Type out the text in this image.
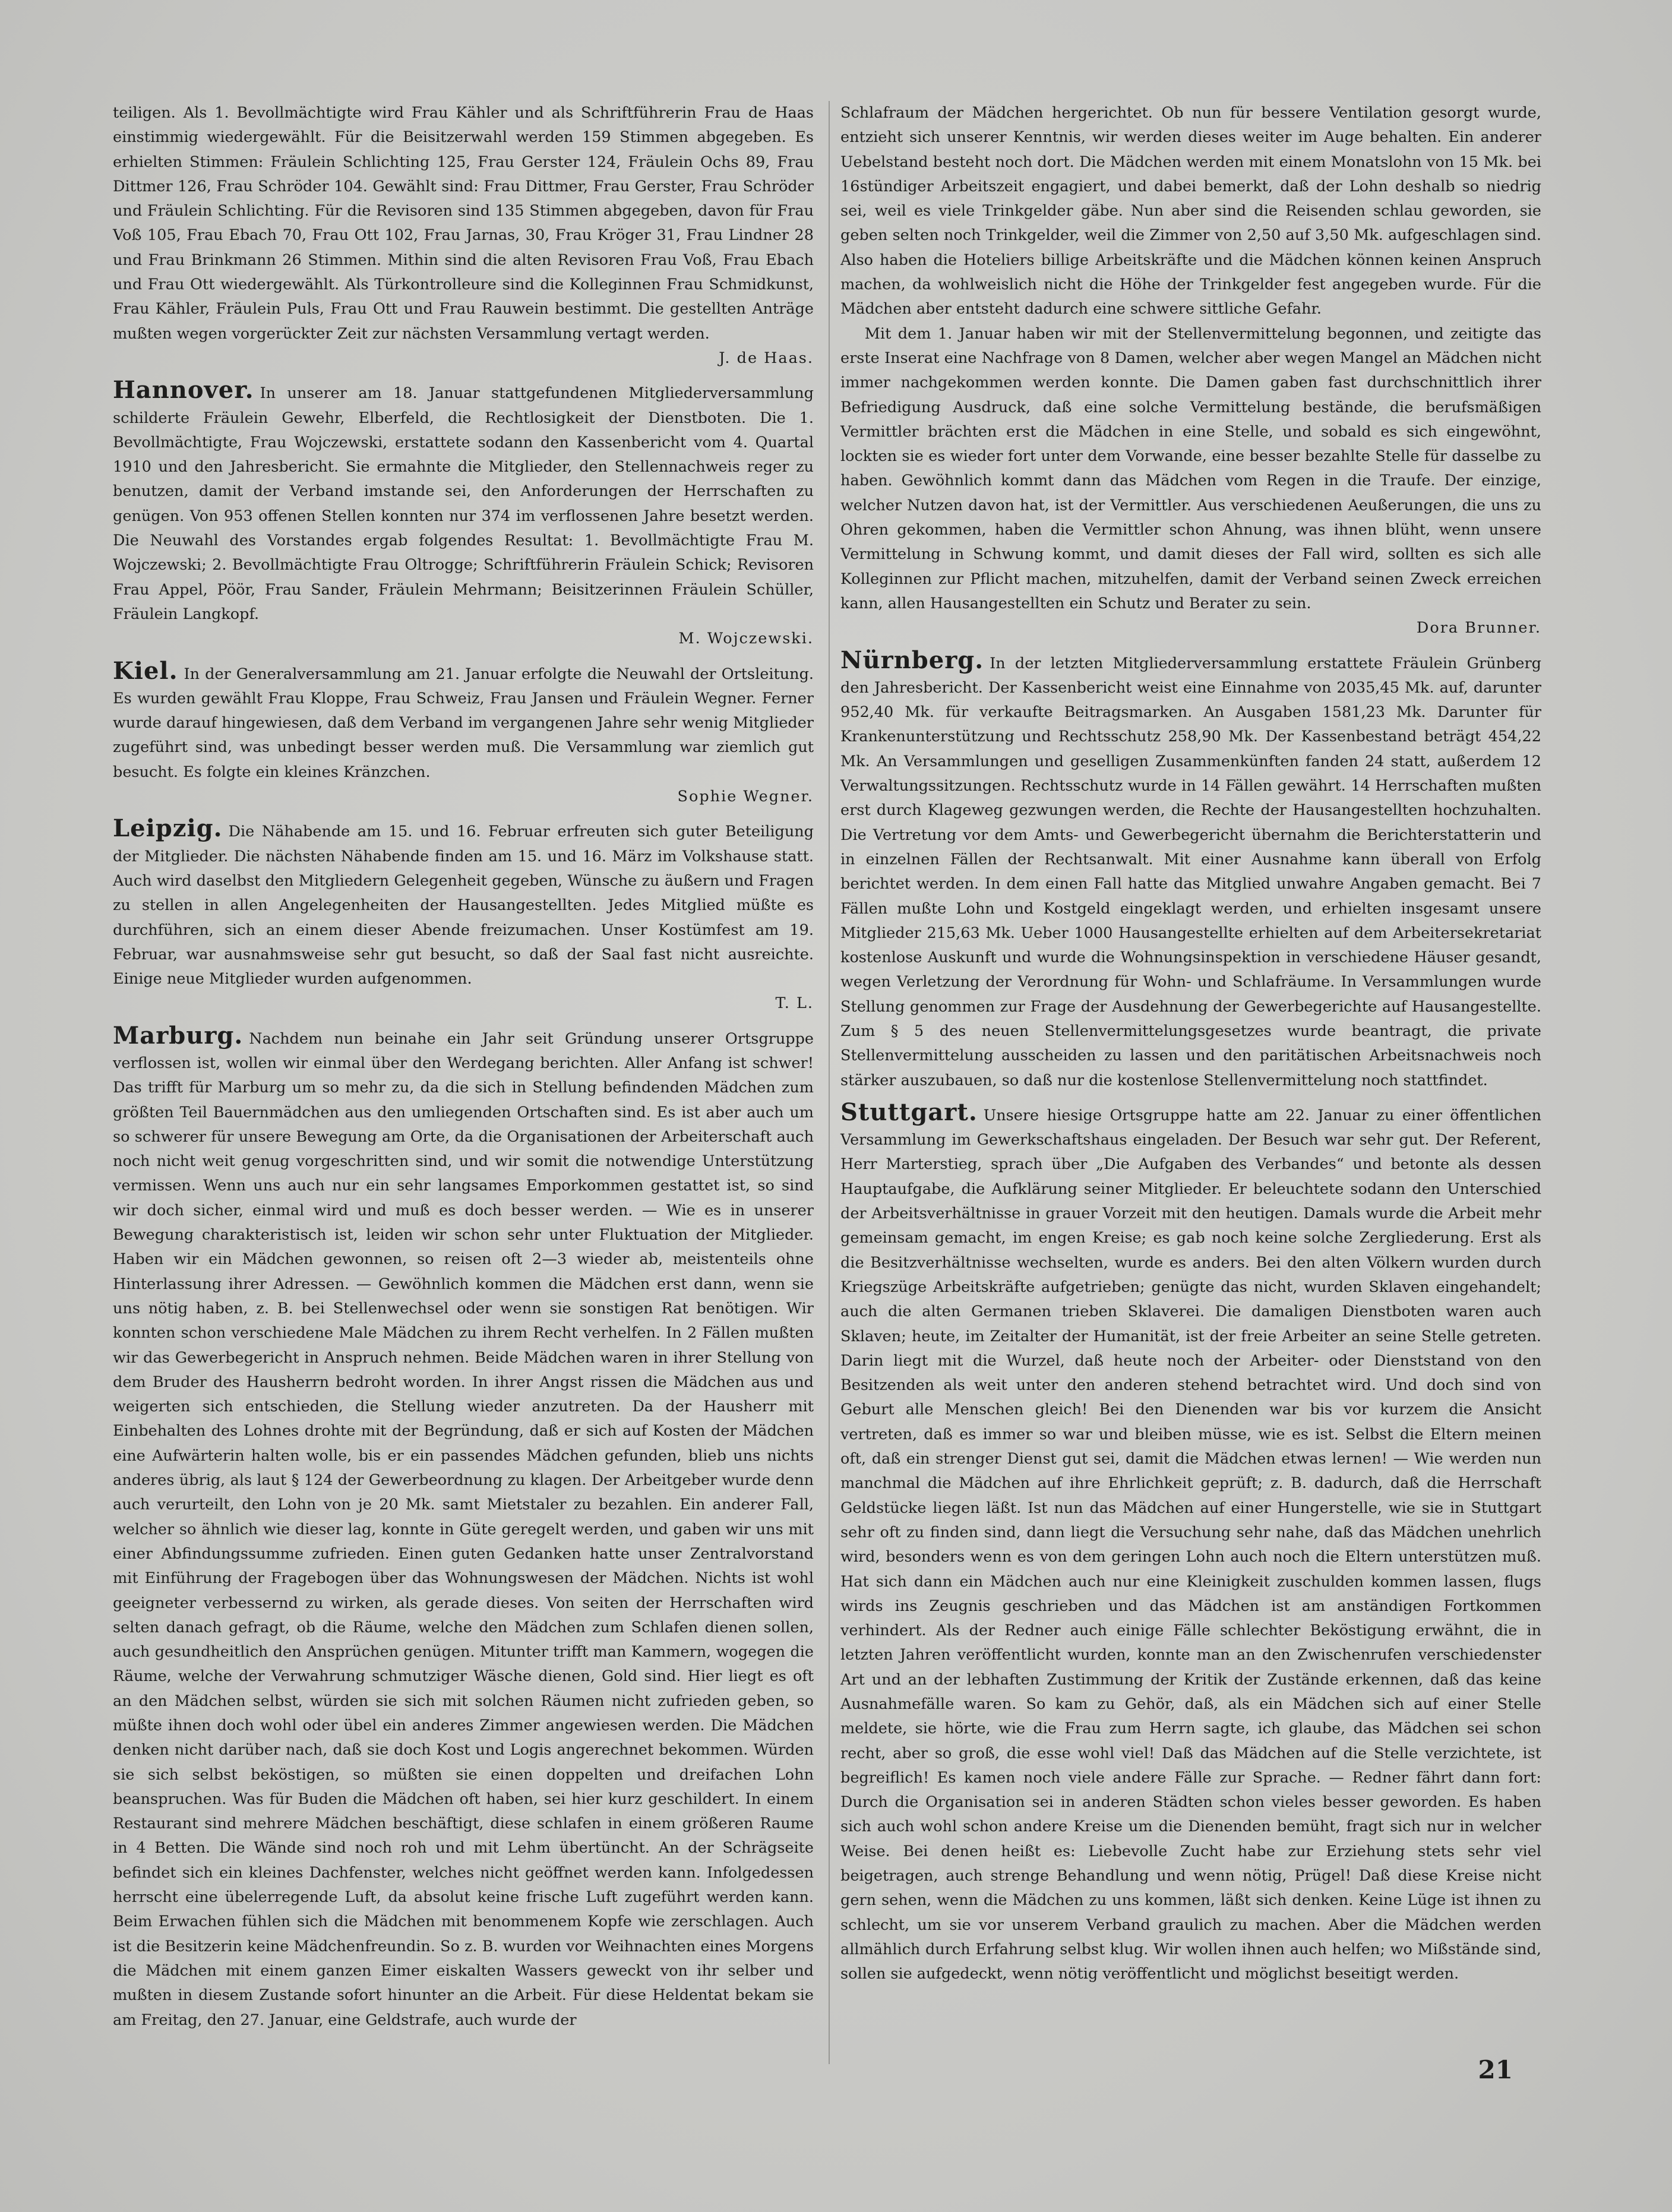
teiligen. Als 1. Bevollmächtigte wird Frau Kähler und als Schriftführerin Frau de Haas einstimmig wiedergewählt. Für die Beisitzerwahl werden 159 Stimmen abgegeben. Es erhielten Stimmen: Fräulein Schlichting 125, Frau Gerster 124, Fräulein Ochs 89, Frau Dittmer 126, Frau Schröder 104. Gewählt sind: Frau Dittmer, Frau Gerster, Frau Schröder und Fräulein Schlichting. Für die Revisoren sind 135 Stimmen abgegeben, davon für Frau Voß 105, Frau Ebach 70, Frau Ott 102, Frau Jarnas, 30, Frau Kröger 31, Frau Lindner 28 und Frau Brinkmann 26 Stimmen. Mithin sind die alten Revisoren Frau Voß, Frau Ebach und Frau Ott wiedergewählt. Als Türkontrolleure sind die Kolleginnen Frau Schmidkunst, Frau Kähler, Fräulein Puls, Frau Ott und Frau Rauwein bestimmt. Die gestellten Anträge mußten wegen vorgerückter Zeit zur nächsten Versammlung vertagt werden.

J. de Haas.

Hannover. In unserer am 18. Januar stattgefundenen Mitgliederversammlung schilderte Fräulein Gewehr, Elberfeld, die Rechtlosigkeit der Dienstboten. Die 1. Bevollmächtigte, Frau Wojczewski, erstattete sodann den Kassenbericht vom 4. Quartal 1910 und den Jahresbericht. Sie ermahnte die Mitglieder, den Stellennachweis reger zu benutzen, damit der Verband imstande sei, den Anforderungen der Herrschaften zu genügen. Von 953 offenen Stellen konnten nur 374 im verflossenen Jahre besetzt werden. Die Neuwahl des Vorstandes ergab folgendes Resultat: 1. Bevollmächtigte Frau M. Wojczewski; 2. Bevollmächtigte Frau Oltrogge; Schriftführerin Fräulein Schick; Revisoren Frau Appel, Pöör, Frau Sander, Fräulein Mehrmann; Beisitzerinnen Fräulein Schüller, Fräulein Langkopf.

M. Wojczewski.

Kiel. In der Generalversammlung am 21. Januar erfolgte die Neuwahl der Ortsleitung. Es wurden gewählt Frau Kloppe, Frau Schweiz, Frau Jansen und Fräulein Wegner. Ferner wurde darauf hingewiesen, daß dem Verband im vergangenen Jahre sehr wenig Mitglieder zugeführt sind, was unbedingt besser werden muß. Die Versammlung war ziemlich gut besucht. Es folgte ein kleines Kränzchen.

Sophie Wegner.

Leipzig. Die Nähabende am 15. und 16. Februar erfreuten sich guter Beteiligung der Mitglieder. Die nächsten Nähabende finden am 15. und 16. März im Volkshause statt. Auch wird daselbst den Mitgliedern Gelegenheit gegeben, Wünsche zu äußern und Fragen zu stellen in allen Angelegenheiten der Hausangestellten. Jedes Mitglied müßte es durchführen, sich an einem dieser Abende freizumachen. Unser Kostümfest am 19. Februar, war ausnahmsweise sehr gut besucht, so daß der Saal fast nicht ausreichte. Einige neue Mitglieder wurden aufgenommen.

T. L.

Marburg. Nachdem nun beinahe ein Jahr seit Gründung unserer Ortsgruppe verflossen ist, wollen wir einmal über den Werdegang berichten. Aller Anfang ist schwer! Das trifft für Marburg um so mehr zu, da die sich in Stellung befindenden Mädchen zum größten Teil Bauernmädchen aus den umliegenden Ortschaften sind. Es ist aber auch um so schwerer für unsere Bewegung am Orte, da die Organisationen der Arbeiterschaft auch noch nicht weit genug vorgeschritten sind, und wir somit die notwendige Unterstützung vermissen. Wenn uns auch nur ein sehr langsames Emporkommen gestattet ist, so sind wir doch sicher, einmal wird und muß es doch besser werden. — Wie es in unserer Bewegung charakteristisch ist, leiden wir schon sehr unter Fluktuation der Mitglieder. Haben wir ein Mädchen gewonnen, so reisen oft 2—3 wieder ab, meistenteils ohne Hinterlassung ihrer Adressen. — Gewöhnlich kommen die Mädchen erst dann, wenn sie uns nötig haben, z. B. bei Stellenwechsel oder wenn sie sonstigen Rat benötigen. Wir konnten schon verschiedene Male Mädchen zu ihrem Recht verhelfen. In 2 Fällen mußten wir das Gewerbegericht in Anspruch nehmen. Beide Mädchen waren in ihrer Stellung von dem Bruder des Hausherrn bedroht worden. In ihrer Angst rissen die Mädchen aus und weigerten sich entschieden, die Stellung wieder anzutreten. Da der Hausherr mit Einbehalten des Lohnes drohte mit der Begründung, daß er sich auf Kosten der Mädchen eine Aufwärterin halten wolle, bis er ein passendes Mädchen gefunden, blieb uns nichts anderes übrig, als laut § 124 der Gewerbeordnung zu klagen. Der Arbeitgeber wurde denn auch verurteilt, den Lohn von je 20 Mk. samt Mietstaler zu bezahlen. Ein anderer Fall, welcher so ähnlich wie dieser lag, konnte in Güte geregelt werden, und gaben wir uns mit einer Abfindungssumme zufrieden. Einen guten Gedanken hatte unser Zentralvorstand mit Einführung der Fragebogen über das Wohnungswesen der Mädchen. Nichts ist wohl geeigneter verbessernd zu wirken, als gerade dieses. Von seiten der Herrschaften wird selten danach gefragt, ob die Räume, welche den Mädchen zum Schlafen dienen sollen, auch gesundheitlich den Ansprüchen genügen. Mitunter trifft man Kammern, wogegen die Räume, welche der Verwahrung schmutziger Wäsche dienen, Gold sind. Hier liegt es oft an den Mädchen selbst, würden sie sich mit solchen Räumen nicht zufrieden geben, so müßte ihnen doch wohl oder übel ein anderes Zimmer angewiesen werden. Die Mädchen denken nicht darüber nach, daß sie doch Kost und Logis angerechnet bekommen. Würden sie sich selbst beköstigen, so müßten sie einen doppelten und dreifachen Lohn beanspruchen. Was für Buden die Mädchen oft haben, sei hier kurz geschildert. In einem Restaurant sind mehrere Mädchen beschäftigt, diese schlafen in einem größeren Raume in 4 Betten. Die Wände sind noch roh und mit Lehm übertüncht. An der Schrägseite befindet sich ein kleines Dachfenster, welches nicht geöffnet werden kann. Infolgedessen herrscht eine übelerregende Luft, da absolut keine frische Luft zugeführt werden kann. Beim Erwachen fühlen sich die Mädchen mit benommenem Kopfe wie zerschlagen. Auch ist die Besitzerin keine Mädchenfreundin. So z. B. wurden vor Weihnachten eines Morgens die Mädchen mit einem ganzen Eimer eiskalten Wassers geweckt von ihr selber und mußten in diesem Zustande sofort hinunter an die Arbeit. Für diese Heldentat bekam sie am Freitag, den 27. Januar, eine Geldstrafe, auch wurde der

Schlafraum der Mädchen hergerichtet. Ob nun für bessere Ventilation gesorgt wurde, entzieht sich unserer Kenntnis, wir werden dieses weiter im Auge behalten. Ein anderer Uebelstand besteht noch dort. Die Mädchen werden mit einem Monatslohn von 15 Mk. bei 16stündiger Arbeitszeit engagiert, und dabei bemerkt, daß der Lohn deshalb so niedrig sei, weil es viele Trinkgelder gäbe. Nun aber sind die Reisenden schlau geworden, sie geben selten noch Trinkgelder, weil die Zimmer von 2,50 auf 3,50 Mk. aufgeschlagen sind. Also haben die Hoteliers billige Arbeitskräfte und die Mädchen können keinen Anspruch machen, da wohlweislich nicht die Höhe der Trinkgelder fest angegeben wurde. Für die Mädchen aber entsteht dadurch eine schwere sittliche Gefahr.

Mit dem 1. Januar haben wir mit der Stellenvermittelung begonnen, und zeitigte das erste Inserat eine Nachfrage von 8 Damen, welcher aber wegen Mangel an Mädchen nicht immer nachgekommen werden konnte. Die Damen gaben fast durchschnittlich ihrer Befriedigung Ausdruck, daß eine solche Vermittelung bestände, die berufsmäßigen Vermittler brächten erst die Mädchen in eine Stelle, und sobald es sich eingewöhnt, lockten sie es wieder fort unter dem Vorwande, eine besser bezahlte Stelle für dasselbe zu haben. Gewöhnlich kommt dann das Mädchen vom Regen in die Traufe. Der einzige, welcher Nutzen davon hat, ist der Vermittler. Aus verschiedenen Aeußerungen, die uns zu Ohren gekommen, haben die Vermittler schon Ahnung, was ihnen blüht, wenn unsere Vermittelung in Schwung kommt, und damit dieses der Fall wird, sollten es sich alle Kolleginnen zur Pflicht machen, mitzuhelfen, damit der Verband seinen Zweck erreichen kann, allen Hausangestellten ein Schutz und Berater zu sein.

Dora Brunner.

Nürnberg. In der letzten Mitgliederversammlung erstattete Fräulein Grünberg den Jahresbericht. Der Kassenbericht weist eine Einnahme von 2035,45 Mk. auf, darunter 952,40 Mk. für verkaufte Beitragsmarken. An Ausgaben 1581,23 Mk. Darunter für Krankenunterstützung und Rechtsschutz 258,90 Mk. Der Kassenbestand beträgt 454,22 Mk. An Versammlungen und geselligen Zusammenkünften fanden 24 statt, außerdem 12 Verwaltungssitzungen. Rechtsschutz wurde in 14 Fällen gewährt. 14 Herrschaften mußten erst durch Klageweg gezwungen werden, die Rechte der Hausangestellten hochzuhalten. Die Vertretung vor dem Amts- und Gewerbegericht übernahm die Berichterstatterin und in einzelnen Fällen der Rechtsanwalt. Mit einer Ausnahme kann überall von Erfolg berichtet werden. In dem einen Fall hatte das Mitglied unwahre Angaben gemacht. Bei 7 Fällen mußte Lohn und Kostgeld eingeklagt werden, und erhielten insgesamt unsere Mitglieder 215,63 Mk. Ueber 1000 Hausangestellte erhielten auf dem Arbeitersekretariat kostenlose Auskunft und wurde die Wohnungsinspektion in verschiedene Häuser gesandt, wegen Verletzung der Verordnung für Wohn- und Schlafräume. In Versammlungen wurde Stellung genommen zur Frage der Ausdehnung der Gewerbegerichte auf Hausangestellte. Zum § 5 des neuen Stellenvermittelungsgesetzes wurde beantragt, die private Stellenvermittelung ausscheiden zu lassen und den paritätischen Arbeitsnachweis noch stärker auszubauen, so daß nur die kostenlose Stellenvermittelung noch stattfindet.

Stuttgart. Unsere hiesige Ortsgruppe hatte am 22. Januar zu einer öffentlichen Versammlung im Gewerkschaftshaus eingeladen. Der Besuch war sehr gut. Der Referent, Herr Marterstieg, sprach über „Die Aufgaben des Verbandes“ und betonte als dessen Hauptaufgabe, die Aufklärung seiner Mitglieder. Er beleuchtete sodann den Unterschied der Arbeitsverhältnisse in grauer Vorzeit mit den heutigen. Damals wurde die Arbeit mehr gemeinsam gemacht, im engen Kreise; es gab noch keine solche Zergliederung. Erst als die Besitzverhältnisse wechselten, wurde es anders. Bei den alten Völkern wurden durch Kriegszüge Arbeitskräfte aufgetrieben; genügte das nicht, wurden Sklaven eingehandelt; auch die alten Germanen trieben Sklaverei. Die damaligen Dienstboten waren auch Sklaven; heute, im Zeitalter der Humanität, ist der freie Arbeiter an seine Stelle getreten. Darin liegt mit die Wurzel, daß heute noch der Arbeiter- oder Dienststand von den Besitzenden als weit unter den anderen stehend betrachtet wird. Und doch sind von Geburt alle Menschen gleich! Bei den Dienenden war bis vor kurzem die Ansicht vertreten, daß es immer so war und bleiben müsse, wie es ist. Selbst die Eltern meinen oft, daß ein strenger Dienst gut sei, damit die Mädchen etwas lernen! — Wie werden nun manchmal die Mädchen auf ihre Ehrlichkeit geprüft; z. B. dadurch, daß die Herrschaft Geldstücke liegen läßt. Ist nun das Mädchen auf einer Hungerstelle, wie sie in Stuttgart sehr oft zu finden sind, dann liegt die Versuchung sehr nahe, daß das Mädchen unehrlich wird, besonders wenn es von dem geringen Lohn auch noch die Eltern unterstützen muß. Hat sich dann ein Mädchen auch nur eine Kleinigkeit zuschulden kommen lassen, flugs wirds ins Zeugnis geschrieben und das Mädchen ist am anständigen Fortkommen verhindert. Als der Redner auch einige Fälle schlechter Beköstigung erwähnt, die in letzten Jahren veröffentlicht wurden, konnte man an den Zwischenrufen verschiedenster Art und an der lebhaften Zustimmung der Kritik der Zustände erkennen, daß das keine Ausnahmefälle waren. So kam zu Gehör, daß, als ein Mädchen sich auf einer Stelle meldete, sie hörte, wie die Frau zum Herrn sagte, ich glaube, das Mädchen sei schon recht, aber so groß, die esse wohl viel! Daß das Mädchen auf die Stelle verzichtete, ist begreiflich! Es kamen noch viele andere Fälle zur Sprache. — Redner fährt dann fort: Durch die Organisation sei in anderen Städten schon vieles besser geworden. Es haben sich auch wohl schon andere Kreise um die Dienenden bemüht, fragt sich nur in welcher Weise. Bei denen heißt es: Liebevolle Zucht habe zur Erziehung stets sehr viel beigetragen, auch strenge Behandlung und wenn nötig, Prügel! Daß diese Kreise nicht gern sehen, wenn die Mädchen zu uns kommen, läßt sich denken. Keine Lüge ist ihnen zu schlecht, um sie vor unserem Verband graulich zu machen. Aber die Mädchen werden allmählich durch Erfahrung selbst klug. Wir wollen ihnen auch helfen; wo Mißstände sind, sollen sie aufgedeckt, wenn nötig veröffentlicht und möglichst beseitigt werden.

21
